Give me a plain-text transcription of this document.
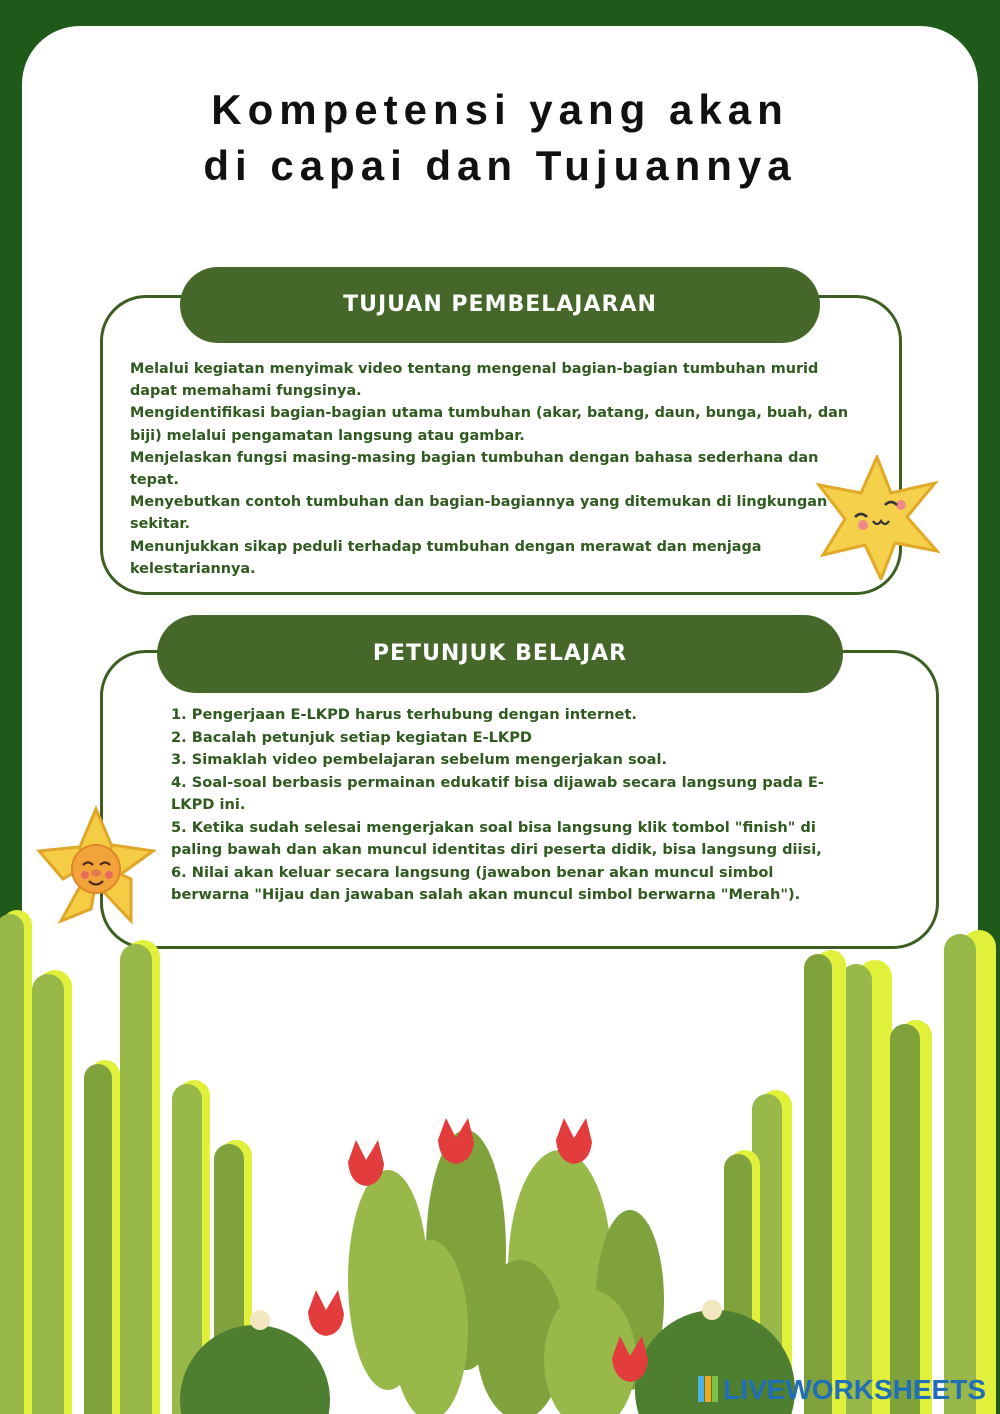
Kompetensi yang akan
di capai dan Tujuannya
TUJUAN PEMBELAJARAN

Melalui kegiatan menyimak video tentang mengenal bagian-bagian tumbuhan murid dapat memahami fungsinya.

Mengidentifikasi bagian-bagian utama tumbuhan (akar, batang, daun, bunga, buah, dan biji) melalui pengamatan langsung atau gambar.

Menjelaskan fungsi masing-masing bagian tumbuhan dengan bahasa sederhana dan tepat.

Menyebutkan contoh tumbuhan dan bagian-bagiannya yang ditemukan di lingkungan sekitar.

Menunjukkan sikap peduli terhadap tumbuhan dengan merawat dan menjaga kelestariannya.

PETUNJUK BELAJAR

1. Pengerjaan E-LKPD harus terhubung dengan internet.

2. Bacalah petunjuk setiap kegiatan E-LKPD

3. Simaklah video pembelajaran sebelum mengerjakan soal.

4. Soal-soal berbasis permainan edukatif bisa dijawab secara langsung pada E-LKPD ini.

5. Ketika sudah selesai mengerjakan soal bisa langsung klik tombol "finish" di paling bawah dan akan muncul identitas diri peserta didik, bisa langsung diisi,

6. Nilai akan keluar secara langsung (jawabon benar akan muncul simbol berwarna "Hijau dan jawaban salah akan muncul simbol berwarna "Merah").

LIVEWORKSHEETS
